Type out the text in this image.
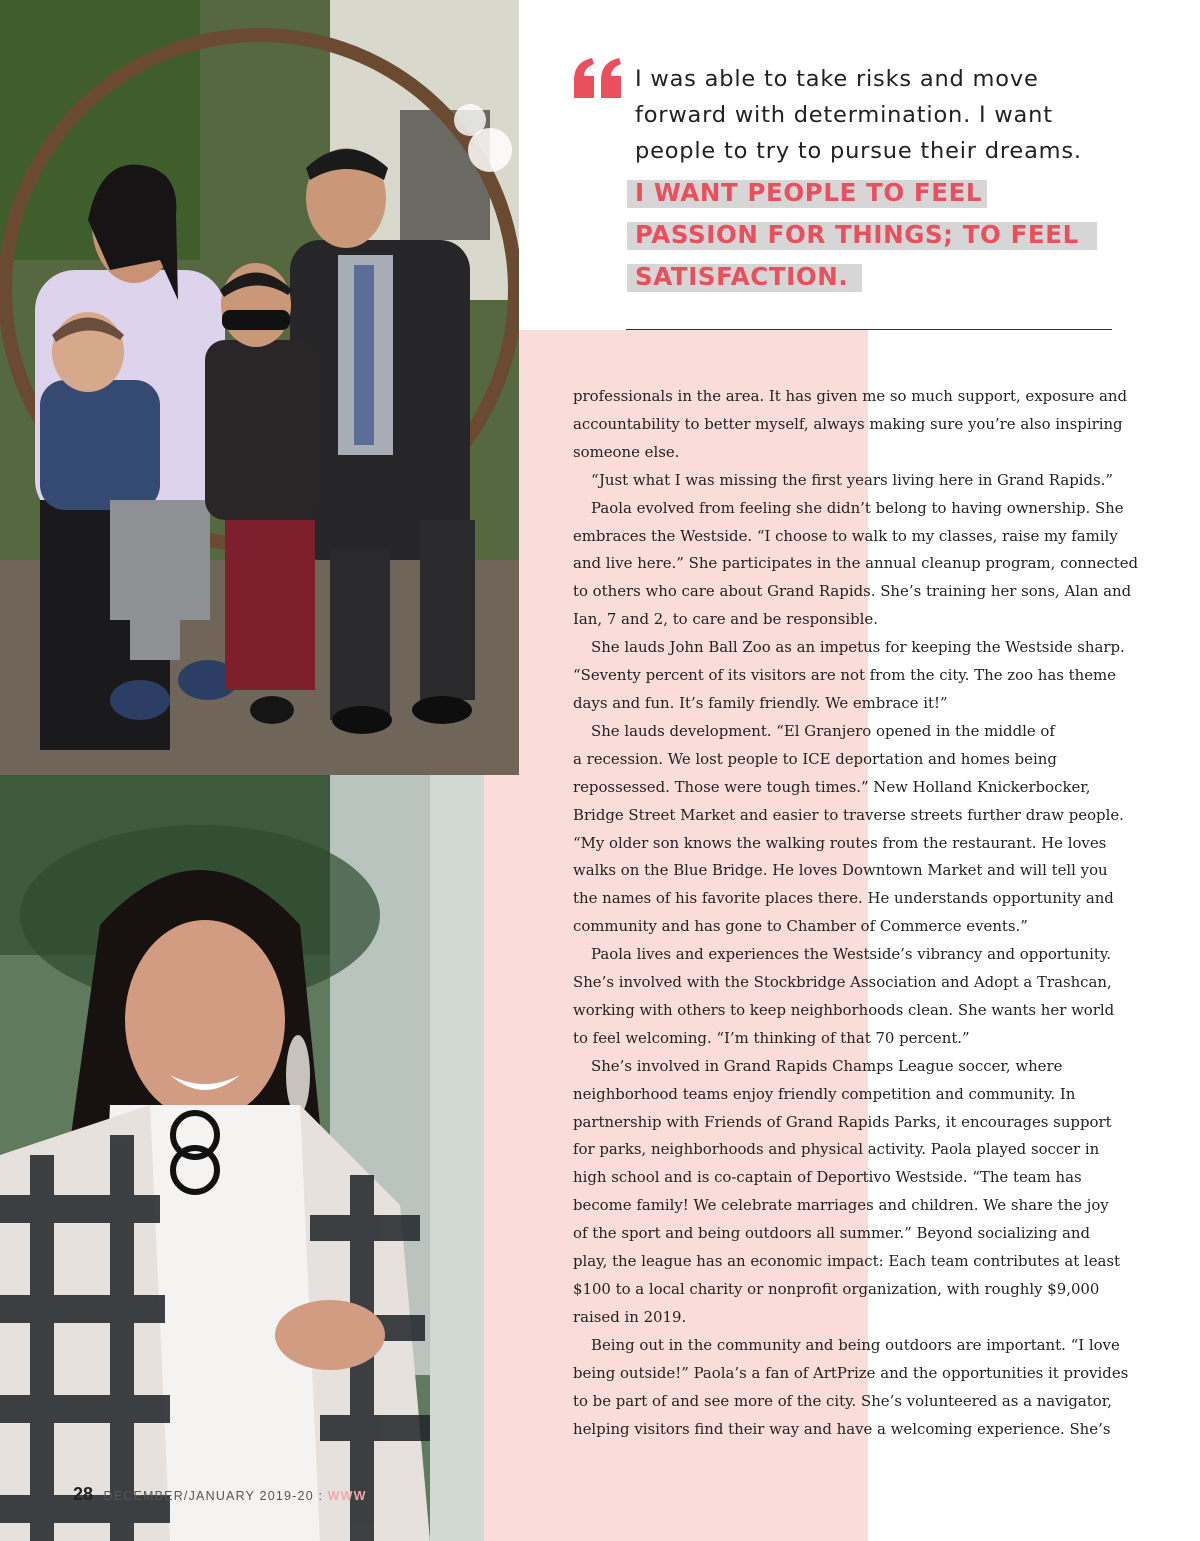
I was able to take risks and move
forward with determination. I want
people to try to pursue their dreams.
I WANT PEOPLE TO FEEL
PASSION FOR THINGS; TO FEEL
SATISFACTION.

professionals in the area. It has given me so much support, exposure and

accountability to better myself, always making sure you’re also inspiring

someone else.

“Just what I was missing the first years living here in Grand Rapids.”

Paola evolved from feeling she didn’t belong to having ownership. She

embraces the Westside. “I choose to walk to my classes, raise my family

and live here.” She participates in the annual cleanup program, connected

to others who care about Grand Rapids. She’s training her sons, Alan and

Ian, 7 and 2, to care and be responsible.

She lauds John Ball Zoo as an impetus for keeping the Westside sharp.

“Seventy percent of its visitors are not from the city. The zoo has theme

days and fun. It’s family friendly. We embrace it!”

She lauds development. “El Granjero opened in the middle of

a recession. We lost people to ICE deportation and homes being

repossessed. Those were tough times.” New Holland Knickerbocker,

Bridge Street Market and easier to traverse streets further draw people.

“My older son knows the walking routes from the restaurant. He loves

walks on the Blue Bridge. He loves Downtown Market and will tell you

the names of his favorite places there. He understands opportunity and

community and has gone to Chamber of Commerce events.”

Paola lives and experiences the Westside’s vibrancy and opportunity.

She’s involved with the Stockbridge Association and Adopt a Trashcan,

working with others to keep neighborhoods clean. She wants her world

to feel welcoming. “I’m thinking of that 70 percent.”

She’s involved in Grand Rapids Champs League soccer, where

neighborhood teams enjoy friendly competition and community. In

partnership with Friends of Grand Rapids Parks, it encourages support

for parks, neighborhoods and physical activity. Paola played soccer in

high school and is co-captain of Deportivo Westside. “The team has

become family! We celebrate marriages and children. We share the joy

of the sport and being outdoors all summer.” Beyond socializing and

play, the league has an economic impact: Each team contributes at least

$100 to a local charity or nonprofit organization, with roughly $9,000

raised in 2019.

Being out in the community and being outdoors are important. “I love

being outside!” Paola’s a fan of ArtPrize and the opportunities it provides

to be part of and see more of the city. She’s volunteered as a navigator,

helping visitors find their way and have a welcoming experience. She’s

28 DECEMBER/JANUARY 2019-20 : WWW
